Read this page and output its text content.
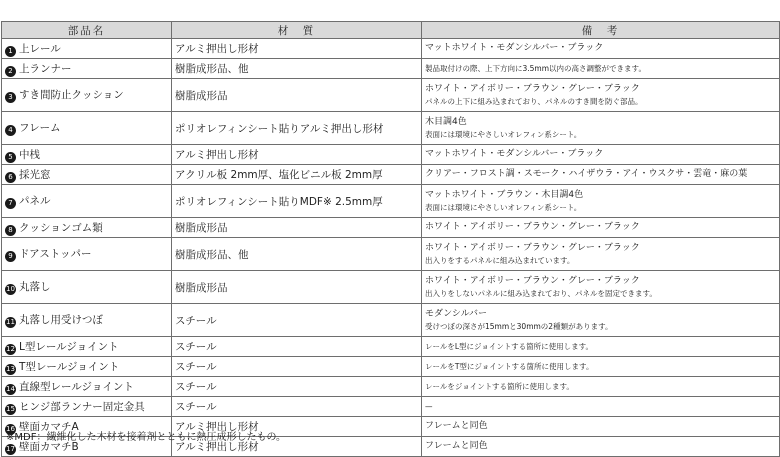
部品名	材　質	備　考
1 上レール	アルミ押出し形材	マットホワイト・モダンシルバー・ブラック

2 上ランナー	樹脂成形品、他	製品取付けの際、上下方向に3.5mm以内の高さ調整ができます。

3 すき間防止クッション	樹脂成形品	ホワイト・アイボリー・ブラウン・グレー・ブラック
パネルの上下に組み込まれており、パネルのすき間を防ぐ部品。

4 フレーム	ポリオレフィンシート貼りアルミ押出し形材	木目調4色
表面には環境にやさしいオレフィン系シート。

5 中桟	アルミ押出し形材	マットホワイト・モダンシルバー・ブラック

6 採光窓	アクリル板 2mm厚、塩化ビニル板 2mm厚	クリアー・フロスト調・スモーク・ハイザウラ・アイ・ウスクサ・雲竜・麻の葉

7 パネル	ポリオレフィンシート貼りMDF※ 2.5mm厚	マットホワイト・ブラウン・木目調4色
表面には環境にやさしいオレフィン系シート。

8 クッションゴム類	樹脂成形品	ホワイト・アイボリー・ブラウン・グレー・ブラック

9 ドアストッパー	樹脂成形品、他	ホワイト・アイボリー・ブラウン・グレー・ブラック
出入りをするパネルに組み込まれています。

10 丸落し	樹脂成形品	ホワイト・アイボリー・ブラウン・グレー・ブラック
出入りをしないパネルに組み込まれており、パネルを固定できます。

11 丸落し用受けつぼ	スチール	モダンシルバー
受けつぼの深さが15mmと30mmの2種類があります。

12 L型レールジョイント	スチール	レールをL型にジョイントする箇所に使用します。

13 T型レールジョイント	スチール	レールをT型にジョイントする箇所に使用します。

14 直線型レールジョイント	スチール	レールをジョイントする箇所に使用します。

15 ヒンジ部ランナー固定金具	スチール	—

16 壁面カマチA	アルミ押出し形材	フレームと同色

17 壁面カマチB	アルミ押出し形材	フレームと同色
※MDF：繊維化した木材を接着剤とともに熱圧成形したもの。
